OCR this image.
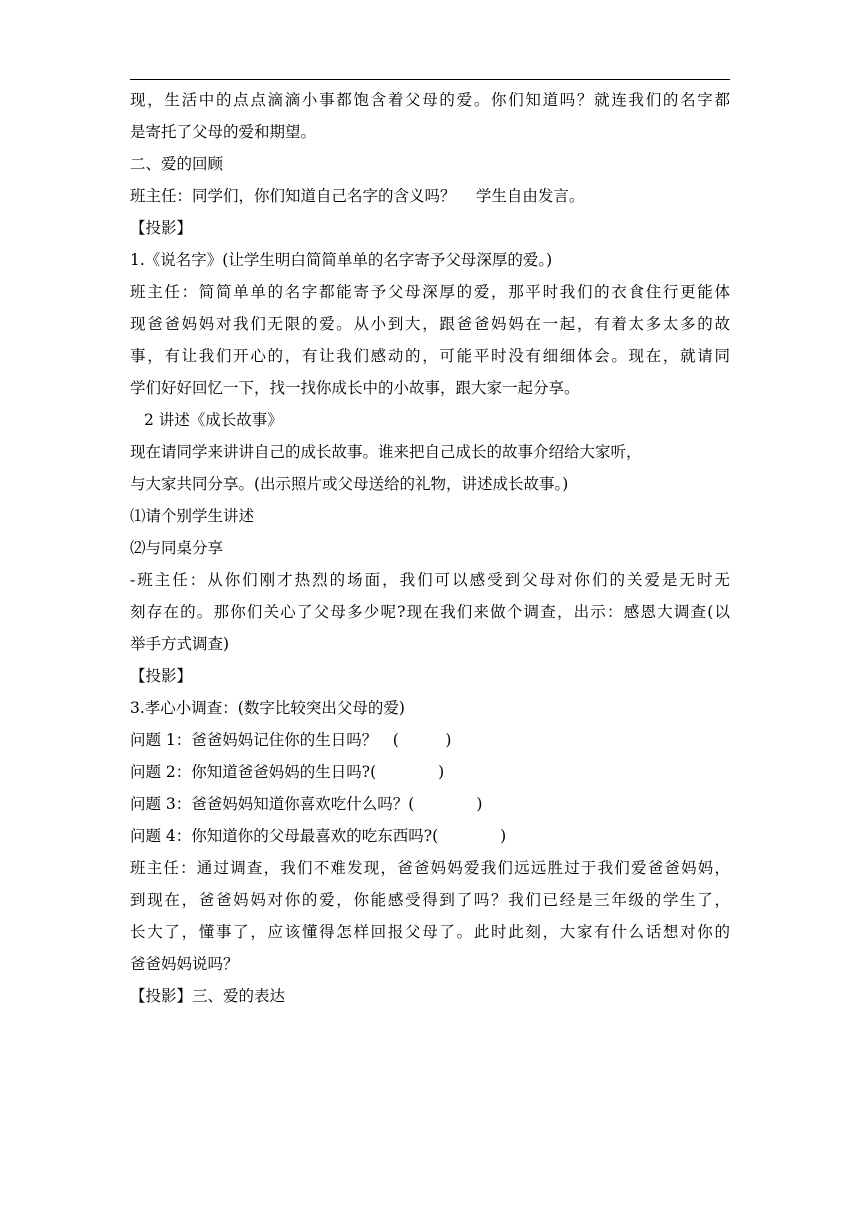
现，生活中的点点滴滴小事都饱含着父母的爱。你们知道吗？就连我们的名字都
是寄托了父母的爱和期望。
二、爱的回顾
班主任：同学们，你们知道自己名字的含义吗？　 学生自由发言。
【投影】
1.《说名字》(让学生明白简简单单的名字寄予父母深厚的爱。)
班主任：简简单单的名字都能寄予父母深厚的爱，那平时我们的衣食住行更能体
现爸爸妈妈对我们无限的爱。从小到大，跟爸爸妈妈在一起，有着太多太多的故
事，有让我们开心的，有让我们感动的，可能平时没有细细体会。现在，就请同
学们好好回忆一下，找一找你成长中的小故事，跟大家一起分享。
2 讲述《成长故事》
现在请同学来讲讲自己的成长故事。谁来把自己成长的故事介绍给大家听，
与大家共同分享。(出示照片或父母送给的礼物，讲述成长故事。)
⑴请个别学生讲述
⑵与同桌分享
-班主任：从你们刚才热烈的场面，我们可以感受到父母对你们的关爱是无时无
刻存在的。那你们关心了父母多少呢?现在我们来做个调查，出示：感恩大调查(以
举手方式调查)
【投影】
3.孝心小调查：(数字比较突出父母的爱)
问题 1：爸爸妈妈记住你的生日吗？　(　　　)
问题 2：你知道爸爸妈妈的生日吗?(　　　　)
问题 3：爸爸妈妈知道你喜欢吃什么吗？(　　　　)
问题 4：你知道你的父母最喜欢的吃东西吗?(　　　　)
班主任：通过调查，我们不难发现，爸爸妈妈爱我们远远胜过于我们爱爸爸妈妈，
到现在，爸爸妈妈对你的爱，你能感受得到了吗？我们已经是三年级的学生了，
长大了，懂事了，应该懂得怎样回报父母了。此时此刻，大家有什么话想对你的
爸爸妈妈说吗？
【投影】三、爱的表达
